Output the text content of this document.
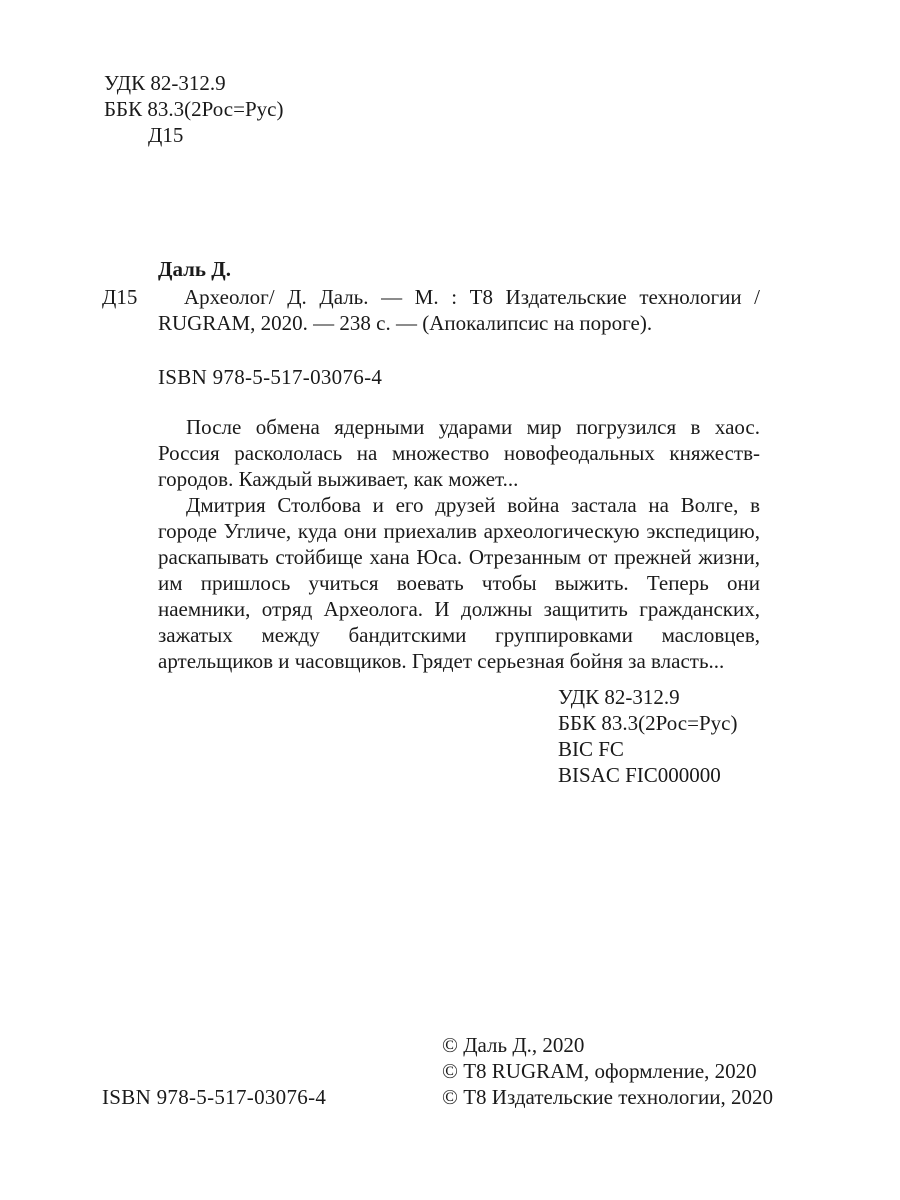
УДК 82-312.9
ББК 83.3(2Рос=Рус)
Д15
Даль Д.
Д15	Археолог/ Д. Даль. — М. : Т8 Издательские технологии /
RUGRAM, 2020. — 238 с. — (Апокалипсис на пороге).
ISBN 978-5-517-03076-4

После обмена ядерными ударами мир погрузился в хаос. Россия раскололась на множество новофеодальных княжеств-городов. Каждый выживает, как может...

Дмитрия Столбова и его друзей война застала на Волге, в городе Угличе, куда они приехалив археологическую экспедицию, раскапывать стойбище хана Юса. Отрезанным от прежней жизни, им пришлось учиться воевать чтобы выжить. Теперь они наемники, отряд Археолога. И должны защитить гражданских, зажатых между бандитскими группировками масловцев, артельщиков и часовщиков. Грядет серьезная бойня за власть...

УДК 82-312.9
ББК 83.3(2Рос=Рус)
BIC FC
BISAC FIC000000
ISBN 978-5-517-03076-4
© Даль Д., 2020
© Т8 RUGRAM, оформление, 2020
© Т8 Издательские технологии, 2020
